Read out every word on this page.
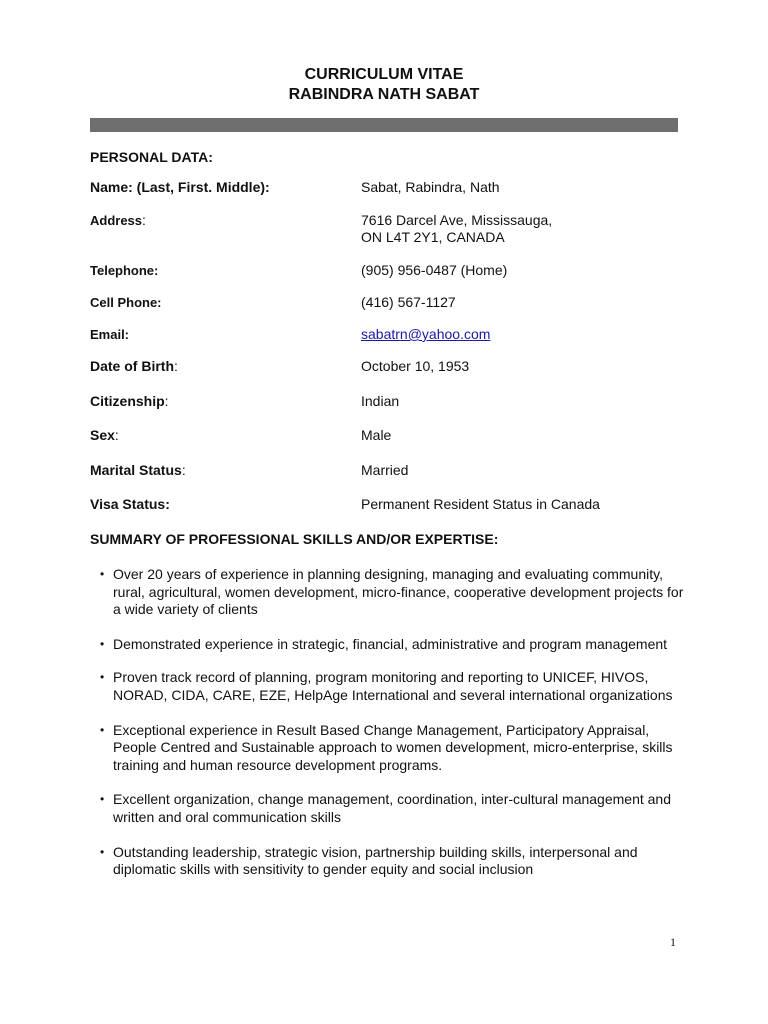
CURRICULUM VITAE
RABINDRA NATH SABAT
PERSONAL DATA:
Name: (Last, First. Middle):	Sabat, Rabindra, Nath
Address:	7616 Darcel Ave, Mississauga,
ON L4T 2Y1, CANADA
Telephone:	(905) 956-0487 (Home)
Cell Phone:	(416) 567-1127
Email:	sabatrn@yahoo.com
Date of Birth:	October 10, 1953
Citizenship:	Indian
Sex:	Male
Marital Status:	Married
Visa Status:	Permanent Resident Status in Canada
SUMMARY OF PROFESSIONAL SKILLS AND/OR EXPERTISE:
• Over 20 years of experience in planning designing, managing and evaluating community, rural, agricultural, women development, micro-finance, cooperative development projects for a wide variety of clients
• Demonstrated experience in strategic, financial, administrative and program management
• Proven track record of planning, program monitoring and reporting to UNICEF, HIVOS, NORAD, CIDA, CARE, EZE, HelpAge International and several international organizations
• Exceptional experience in Result Based Change Management, Participatory Appraisal, People Centred and Sustainable approach to women development, micro-enterprise, skills training and human resource development programs.
• Excellent organization, change management, coordination, inter-cultural management and written and oral communication skills
• Outstanding leadership, strategic vision, partnership building skills, interpersonal and diplomatic skills with sensitivity to gender equity and social inclusion
1
